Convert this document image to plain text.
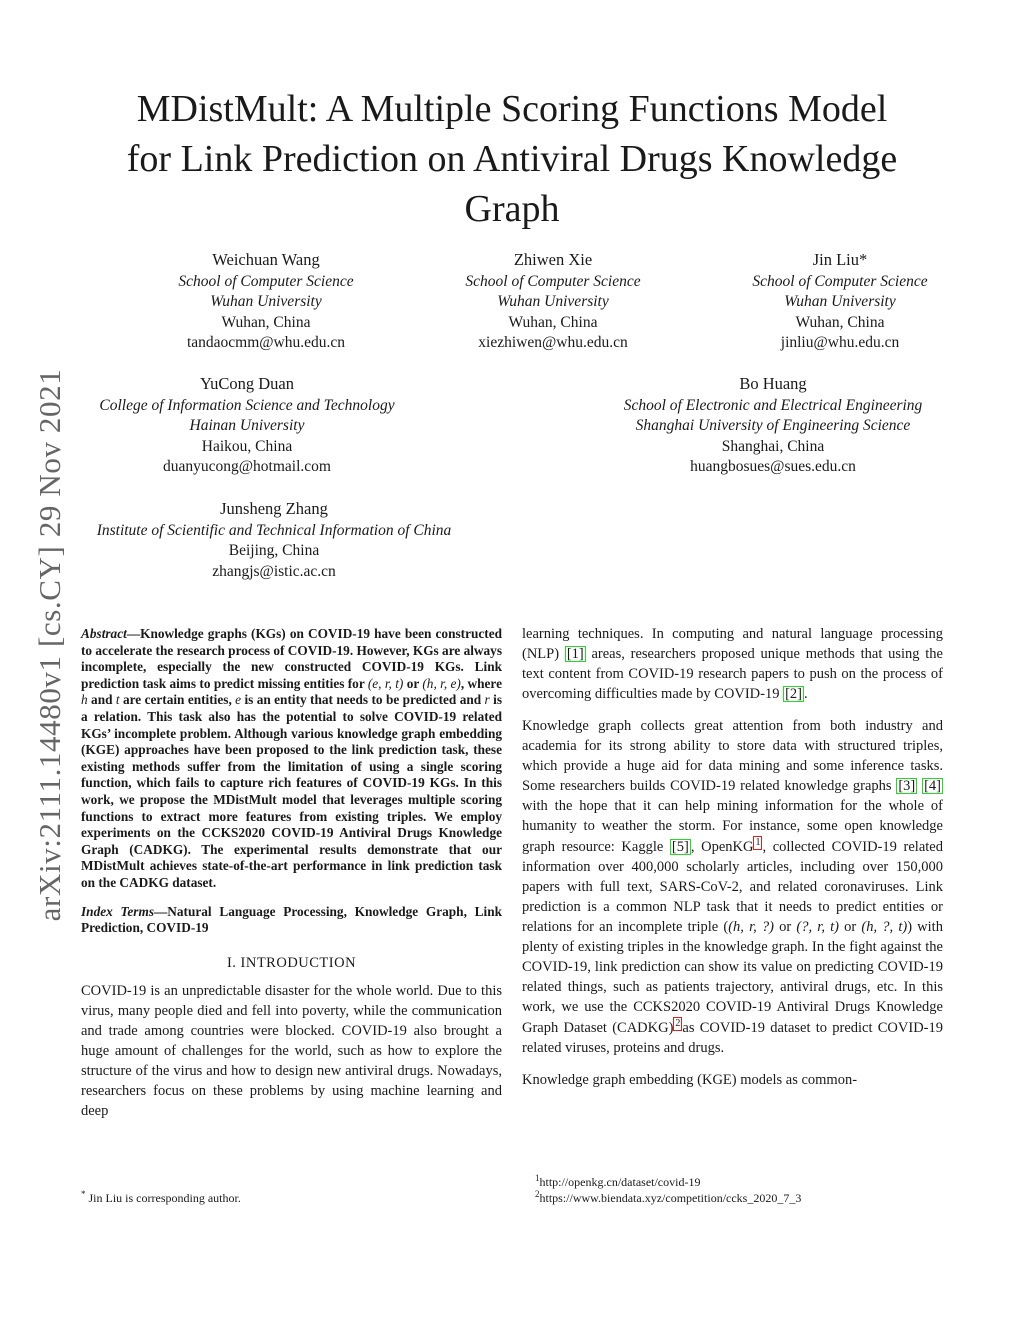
arXiv:2111.14480v1 [cs.CY] 29 Nov 2021
MDistMult: A Multiple Scoring Functions Model
for Link Prediction on Antiviral Drugs Knowledge
Graph
Weichuan Wang
School of Computer Science
Wuhan University
Wuhan, China
tandaocmm@whu.edu.cn
Zhiwen Xie
School of Computer Science
Wuhan University
Wuhan, China
xiezhiwen@whu.edu.cn
Jin Liu*
School of Computer Science
Wuhan University
Wuhan, China
jinliu@whu.edu.cn
YuCong Duan
College of Information Science and Technology
Hainan University
Haikou, China
duanyucong@hotmail.com
Bo Huang
School of Electronic and Electrical Engineering
Shanghai University of Engineering Science
Shanghai, China
huangbosues@sues.edu.cn
Junsheng Zhang
Institute of Scientific and Technical Information of China
Beijing, China
zhangjs@istic.ac.cn

Abstract—Knowledge graphs (KGs) on COVID-19 have been constructed to accelerate the research process of COVID-19. However, KGs are always incomplete, especially the new constructed COVID-19 KGs. Link prediction task aims to predict missing entities for (e, r, t) or (h, r, e), where h and t are certain entities, e is an entity that needs to be predicted and r is a relation. This task also has the potential to solve COVID-19 related KGs’ incomplete problem. Although various knowledge graph embedding (KGE) approaches have been proposed to the link prediction task, these existing methods suffer from the limitation of using a single scoring function, which fails to capture rich features of COVID-19 KGs. In this work, we propose the MDistMult model that leverages multiple scoring functions to extract more features from existing triples. We employ experiments on the CCKS2020 COVID-19 Antiviral Drugs Knowledge Graph (CADKG). The experimental results demonstrate that our MDistMult achieves state-of-the-art performance in link prediction task on the CADKG dataset.

Index Terms—Natural Language Processing, Knowledge Graph, Link Prediction, COVID-19

I. INTRODUCTION

COVID-19 is an unpredictable disaster for the whole world. Due to this virus, many people died and fell into poverty, while the communication and trade among countries were blocked. COVID-19 also brought a huge amount of challenges for the world, such as how to explore the structure of the virus and how to design new antiviral drugs. Nowadays, researchers focus on these problems by using machine learning and deep

learning techniques. In computing and natural language processing (NLP) [1] areas, researchers proposed unique methods that using the text content from COVID-19 research papers to push on the process of overcoming difficulties made by COVID-19 [2] .

Knowledge graph collects great attention from both industry and academia for its strong ability to store data with structured triples, which provide a huge aid for data mining and some inference tasks. Some researchers builds COVID-19 related knowledge graphs [3] [4] with the hope that it can help mining information for the whole of humanity to weather the storm. For instance, some open knowledge graph resource: Kaggle [5] , OpenKG 1 , collected COVID-19 related information over 400,000 scholarly articles, including over 150,000 papers with full text, SARS-CoV-2, and related coronaviruses. Link prediction is a common NLP task that it needs to predict entities or relations for an incomplete triple ((h, r, ?) or (?, r, t) or (h, ?, t)) with plenty of existing triples in the knowledge graph. In the fight against the COVID-19, link prediction can show its value on predicting COVID-19 related things, such as patients trajectory, antiviral drugs, etc. In this work, we use the CCKS2020 COVID-19 Antiviral Drugs Knowledge Graph Dataset (CADKG) 2 as COVID-19 dataset to predict COVID-19 related viruses, proteins and drugs.

Knowledge graph embedding (KGE) models as common-

* Jin Liu is corresponding author.
$^1$http://openkg.cn/dataset/covid-19
$^2$https://www.biendata.xyz/competition/ccks_2020_7_3
